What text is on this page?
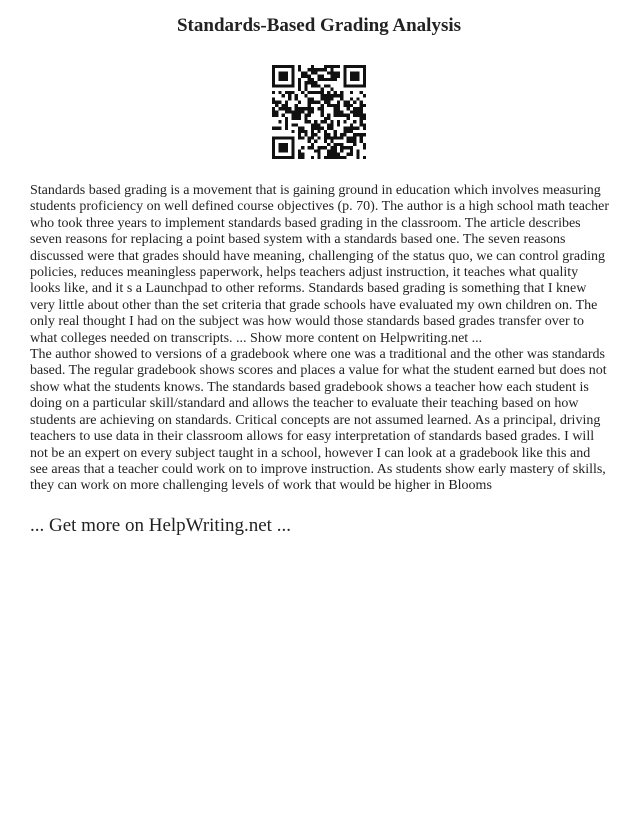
Standards-Based Grading Analysis

Standards based grading is a movement that is gaining ground in education which involves measuring students proficiency on well defined course objectives (p. 70). The author is a high school math teacher who took three years to implement standards based grading in the classroom. The article describes seven reasons for replacing a point based system with a standards based one. The seven reasons discussed were that grades should have meaning, challenging of the status quo, we can control grading policies, reduces meaningless paperwork, helps teachers adjust instruction, it teaches what quality looks like, and it s a Launchpad to other reforms. Standards based grading is something that I knew very little about other than the set criteria that grade schools have evaluated my own children on. The only real thought I had on the subject was how would those standards based grades transfer over to what colleges needed on transcripts. ... Show more content on Helpwriting.net ...

The author showed to versions of a gradebook where one was a traditional and the other was standards based. The regular gradebook shows scores and places a value for what the student earned but does not show what the students knows. The standards based gradebook shows a teacher how each student is doing on a particular skill/standard and allows the teacher to evaluate their teaching based on how students are achieving on standards. Critical concepts are not assumed learned. As a principal, driving teachers to use data in their classroom allows for easy interpretation of standards based grades. I will not be an expert on every subject taught in a school, however I can look at a gradebook like this and see areas that a teacher could work on to improve instruction. As students show early mastery of skills, they can work on more challenging levels of work that would be higher in Blooms

... Get more on HelpWriting.net ...
